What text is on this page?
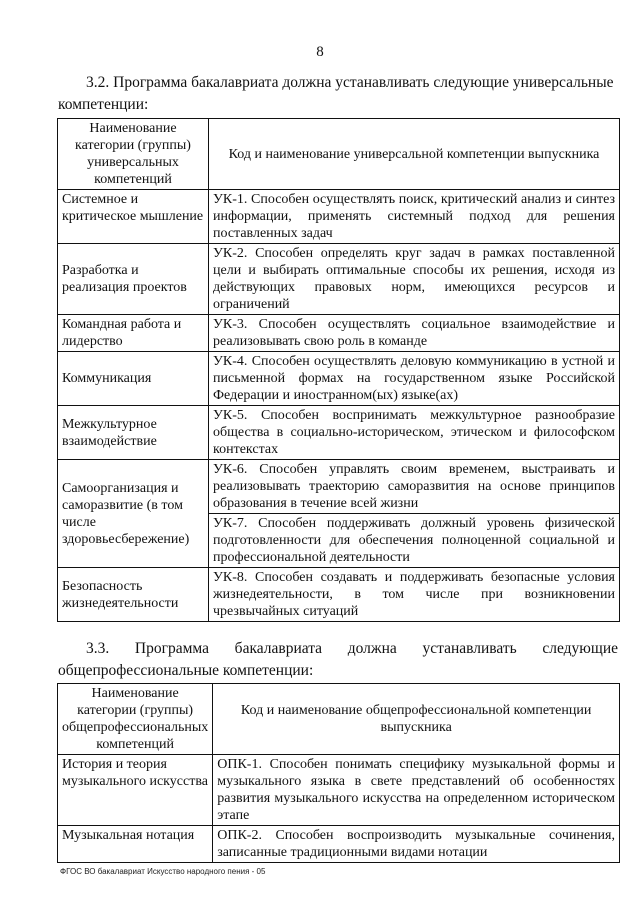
8
3.2. Программа бакалавриата должна устанавливать следующие универсальные компетенции:
Наименование категории (группы) универсальных компетенций	Код и наименование универсальной компетенции выпускника
Системное и критическое мышление	УК-1. Способен осуществлять поиск, критический анализ и синтез информации, применять системный подход для решения поставленных задач
Разработка и реализация проектов	УК-2. Способен определять круг задач в рамках поставленной цели и выбирать оптимальные способы их решения, исходя из действующих правовых норм, имеющихся ресурсов и ограничений
Командная работа и лидерство	УК-3. Способен осуществлять социальное взаимодействие и реализовывать свою роль в команде
Коммуникация	УК-4. Способен осуществлять деловую коммуникацию в устной и письменной формах на государственном языке Российской Федерации и иностранном(ых) языке(ах)
Межкультурное взаимодействие	УК-5. Способен воспринимать межкультурное разнообразие общества в социально-историческом, этическом и философском контекстах
Самоорганизация и саморазвитие (в том числе здоровьесбережение)	УК-6. Способен управлять своим временем, выстраивать и реализовывать траекторию саморазвития на основе принципов образования в течение всей жизни
	УК-7. Способен поддерживать должный уровень физической подготовленности для обеспечения полноценной социальной и профессиональной деятельности
Безопасность жизнедеятельности	УК-8. Способен создавать и поддерживать безопасные условия жизнедеятельности, в том числе при возникновении чрезвычайных ситуаций
3.3. Программа бакалавриата должна устанавливать следующие общепрофессиональные компетенции:
Наименование категории (группы) общепрофессиональных компетенций	Код и наименование общепрофессиональной компетенции выпускника
История и теория музыкального искусства	ОПК-1. Способен понимать специфику музыкальной формы и музыкального языка в свете представлений об особенностях развития музыкального искусства на определенном историческом этапе
Музыкальная нотация	ОПК-2. Способен воспроизводить музыкальные сочинения, записанные традиционными видами нотации
ФГОС ВО бакалавриат Искусство народного пения - 05
